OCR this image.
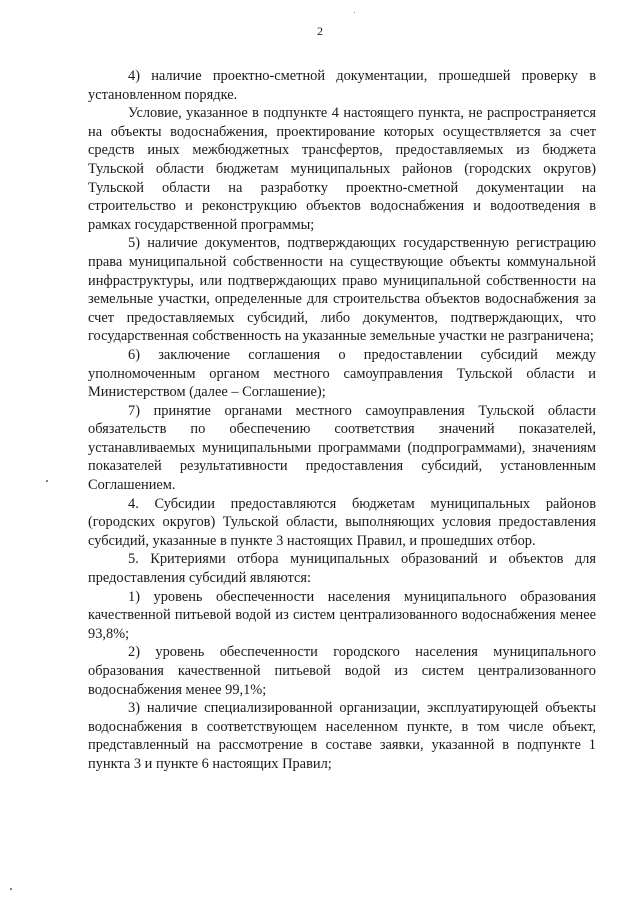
2

4) наличие проектно-сметной документации, прошедшей проверку в установленном порядке.

Условие, указанное в подпункте 4 настоящего пункта, не распространяется на объекты водоснабжения, проектирование которых осуществляется за счет средств иных межбюджетных трансфертов, предоставляемых из бюджета Тульской области бюджетам муниципальных районов (городских округов) Тульской области на разработку проектно-сметной документации на строительство и реконструкцию объектов водоснабжения и водоотведения в рамках государственной программы;

5) наличие документов, подтверждающих государственную регистрацию права муниципальной собственности на существующие объекты коммунальной инфраструктуры, или подтверждающих право муниципальной собственности на земельные участки, определенные для строительства объектов водоснабжения за счет предоставляемых субсидий, либо документов, подтверждающих, что государственная собственность на указанные земельные участки не разграничена;

6) заключение соглашения о предоставлении субсидий между уполномоченным органом местного самоуправления Тульской области и Министерством (далее – Соглашение);

7) принятие органами местного самоуправления Тульской области обязательств по обеспечению соответствия значений показателей, устанавливаемых муниципальными программами (подпрограммами), значениям показателей результативности предоставления субсидий, установленным Соглашением.

4. Субсидии предоставляются бюджетам муниципальных районов (городских округов) Тульской области, выполняющих условия предоставления субсидий, указанные в пункте 3 настоящих Правил, и прошедших отбор.

5. Критериями отбора муниципальных образований и объектов для предоставления субсидий являются:

1) уровень обеспеченности населения муниципального образования качественной питьевой водой из систем централизованного водоснабжения менее 93,8%;

2) уровень обеспеченности городского населения муниципального образования качественной питьевой водой из систем централизованного водоснабжения менее 99,1%;

3) наличие специализированной организации, эксплуатирующей объекты водоснабжения в соответствующем населенном пункте, в том числе объект, представленный на рассмотрение в составе заявки, указанной в подпункте 1 пункта 3 и пункте 6 настоящих Правил;
